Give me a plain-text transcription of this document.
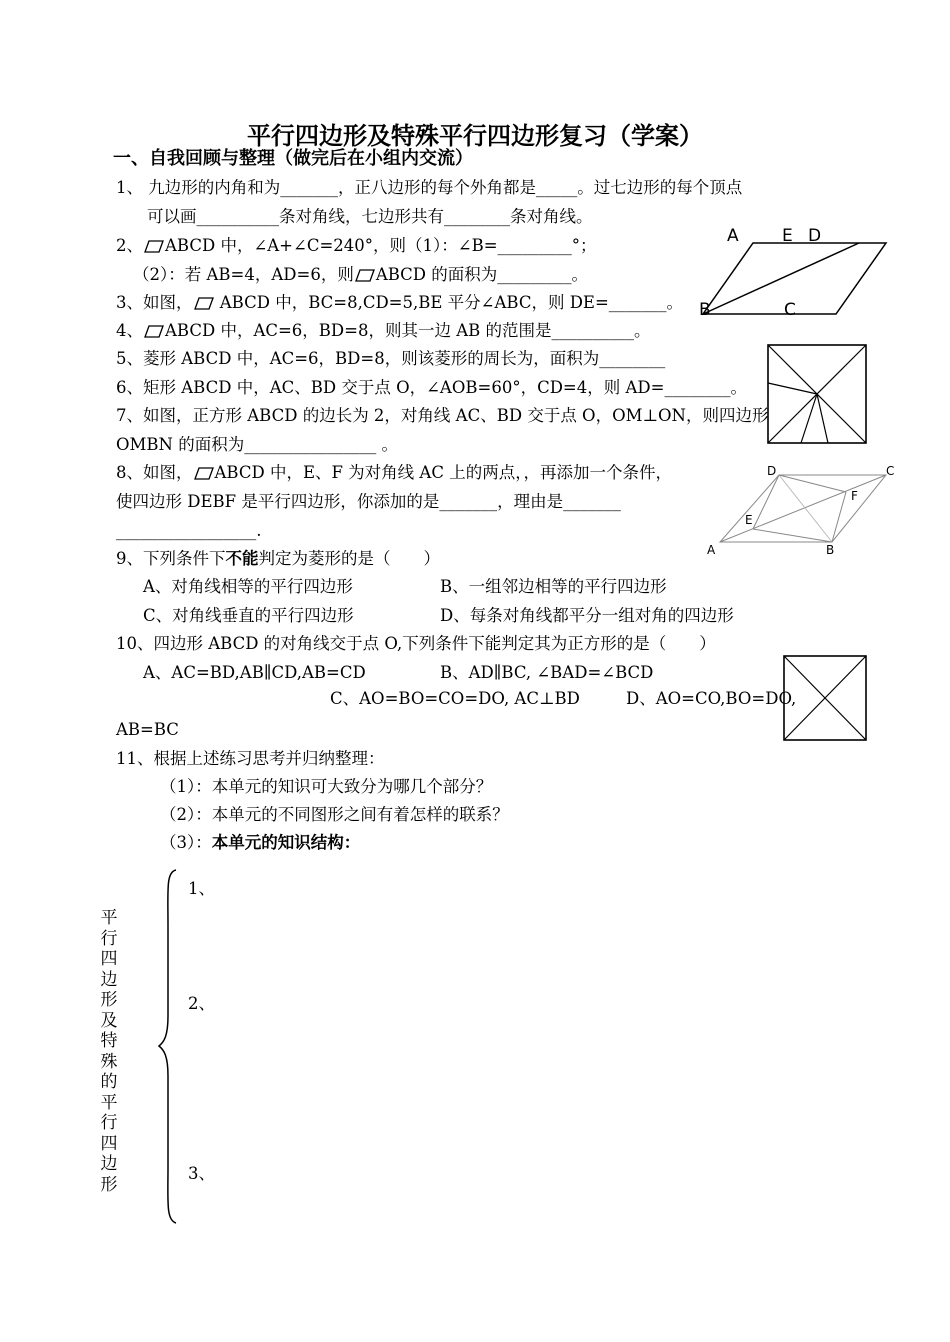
平行四边形及特殊平行四边形复习（学案）
一、自我回顾与整理（做完后在小组内交流）
1、 九边形的内角和为_______，正八边形的每个外角都是_____。过七边形的每个顶点
可以画__________条对角线，七边形共有________条对角线。
2、 ABCD 中，∠A+∠C=240°，则（1）：∠B=_________°；
（2）：若 AB=4，AD=6，则 ABCD 的面积为_________。
3、如图， ABCD 中，BC=8,CD=5,BE 平分∠ABC，则 DE=_______。
4、 ABCD 中，AC=6，BD=8，则其一边 AB 的范围是__________。
5、菱形 ABCD 中，AC=6，BD=8，则该菱形的周长为，面积为________
6、矩形 ABCD 中，AC、BD 交于点 O，∠AOB=60°，CD=4，则 AD=________。
7、如图，正方形 ABCD 的边长为 2，对角线 AC、BD 交于点 O，OM⊥ON，则四边形
OMBN 的面积为________________ 。
8、如图， ABCD 中，E、F 为对角线 AC 上的两点，，再添加一个条件，
使四边形 DEBF 是平行四边形，你添加的是_______，理由是_______
_________________.
9、下列条件下不能判定为菱形的是（　　）
A、对角线相等的平行四边形	B、一组邻边相等的平行四边形
C、对角线垂直的平行四边形	D、每条对角线都平分一组对角的四边形
10、四边形 ABCD 的对角线交于点 O,下列条件下能判定其为正方形的是（　　）
A、AC=BD,AB∥CD,AB=CD	B、AD∥BC, ∠BAD=∠BCD
C、AO=BO=CO=DO, AC⊥BD	D、AO=CO,BO=DO,
AB=BC
11、根据上述练习思考并归纳整理：
（1）：本单元的知识可大致分为哪几个部分？
（2）：本单元的不同图形之间有着怎样的联系？
（3）：本单元的知识结构：
平行四边形及特殊的平行四边形
1、
2、
3、
A	E D
B	C
D	C
F
E
A	B
